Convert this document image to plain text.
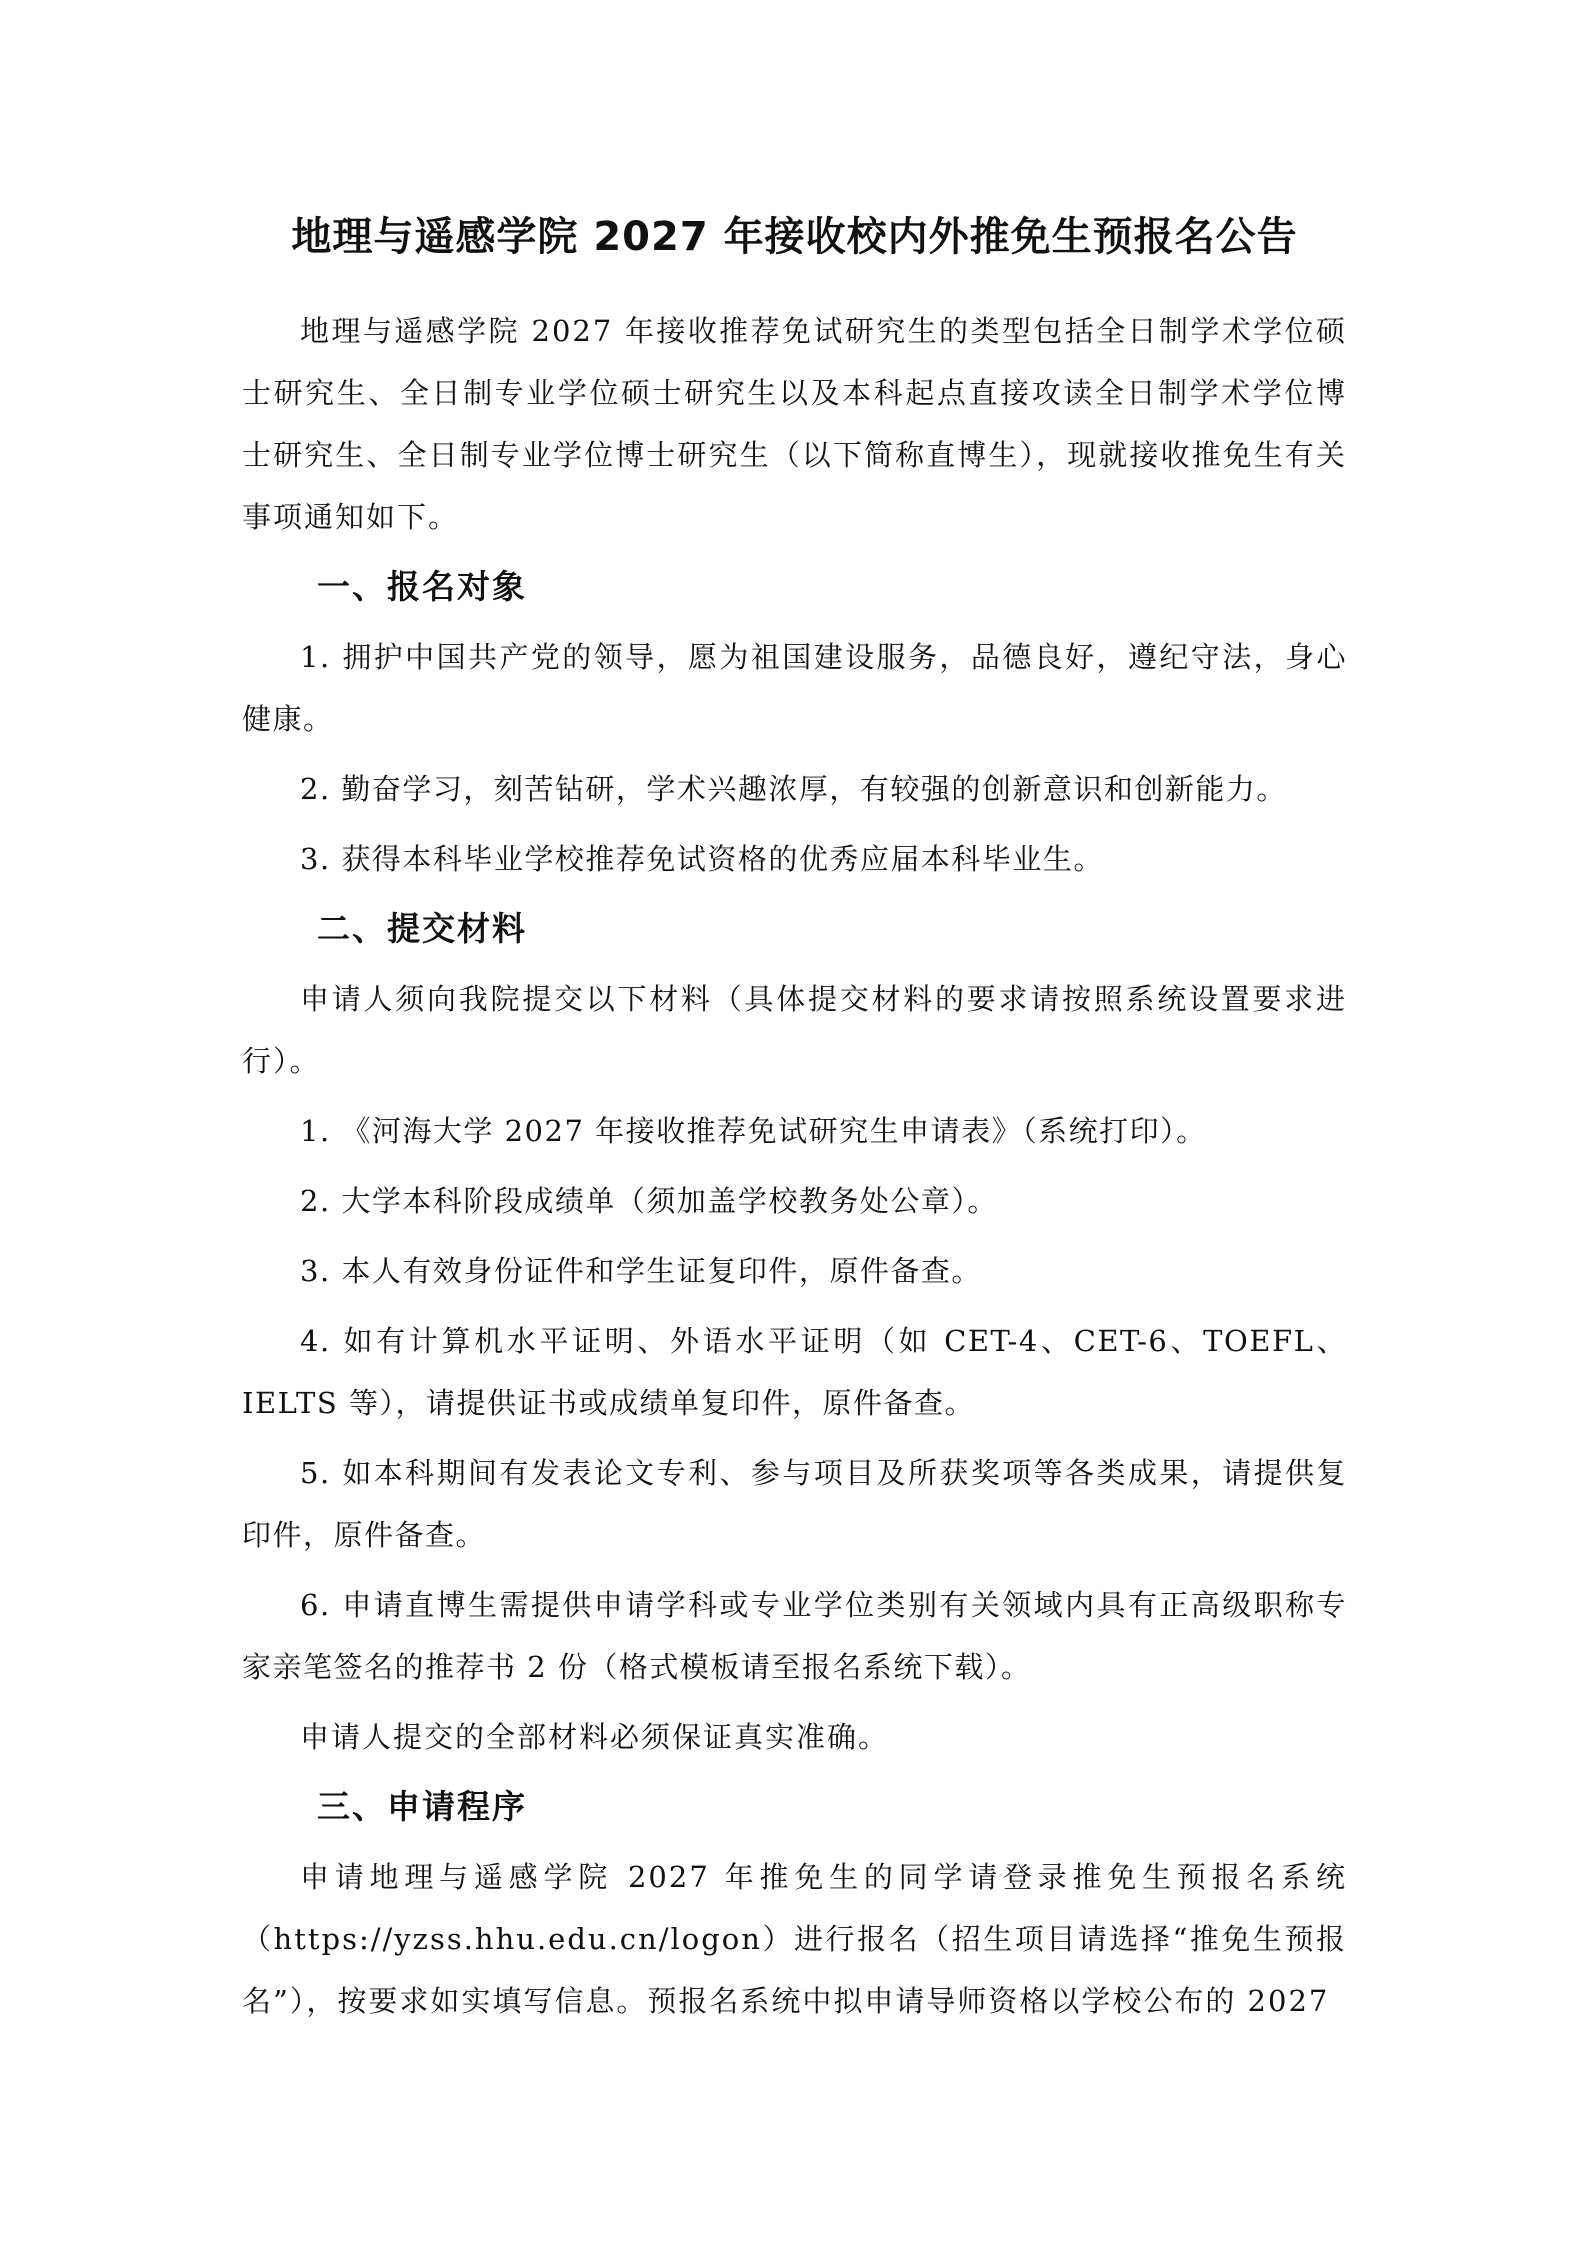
地理与遥感学院 2027 年接收校内外推免生预报名公告

地理与遥感学院 2027 年接收推荐免试研究生的类型包括全日制学术学位硕士研究生、全日制专业学位硕士研究生以及本科起点直接攻读全日制学术学位博士研究生、全日制专业学位博士研究生（以下简称直博生），现就接收推免生有关事项通知如下。

一、报名对象

1. 拥护中国共产党的领导，愿为祖国建设服务，品德良好，遵纪守法，身心健康。

2. 勤奋学习，刻苦钻研，学术兴趣浓厚，有较强的创新意识和创新能力。

3. 获得本科毕业学校推荐免试资格的优秀应届本科毕业生。

二、提交材料

申请人须向我院提交以下材料（具体提交材料的要求请按照系统设置要求进行）。

1. 《河海大学 2027 年接收推荐免试研究生申请表》（系统打印）。

2. 大学本科阶段成绩单（须加盖学校教务处公章）。

3. 本人有效身份证件和学生证复印件，原件备查。

4. 如有计算机水平证明、外语水平证明（如 CET-4、CET-6、TOEFL、IELTS 等），请提供证书或成绩单复印件，原件备查。

5. 如本科期间有发表论文专利、参与项目及所获奖项等各类成果，请提供复印件，原件备查。

6. 申请直博生需提供申请学科或专业学位类别有关领域内具有正高级职称专家亲笔签名的推荐书 2 份（格式模板请至报名系统下载）。

申请人提交的全部材料必须保证真实准确。

三、申请程序

申请地理与遥感学院 2027 年推免生的同学请登录推免生预报名系统（https://yzss.hhu.edu.cn/logon）进行报名（招生项目请选择“推免生预报名”），按要求如实填写信息。预报名系统中拟申请导师资格以学校公布的 2027
